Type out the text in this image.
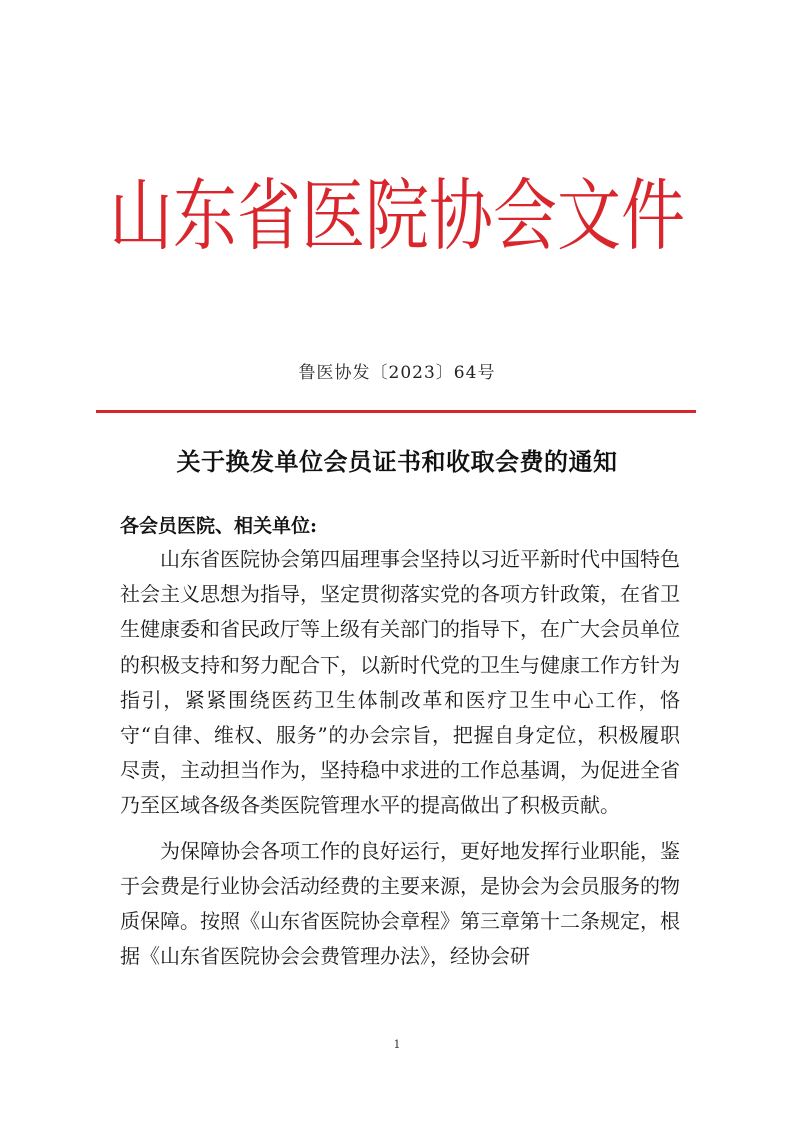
山东省医院协会文件
鲁医协发〔2023〕64号
关于换发单位会员证书和收取会费的通知
各会员医院、相关单位:

山东省医院协会第四届理事会坚持以习近平新时代中国特色社会主义思想为指导，坚定贯彻落实党的各项方针政策，在省卫生健康委和省民政厅等上级有关部门的指导下，在广大会员单位的积极支持和努力配合下，以新时代党的卫生与健康工作方针为指引，紧紧围绕医药卫生体制改革和医疗卫生中心工作，恪守“自律、维权、服务”的办会宗旨，把握自身定位，积极履职尽责，主动担当作为，坚持稳中求进的工作总基调，为促进全省乃至区域各级各类医院管理水平的提高做出了积极贡献。

为保障协会各项工作的良好运行，更好地发挥行业职能，鉴于会费是行业协会活动经费的主要来源，是协会为会员服务的物质保障。按照《山东省医院协会章程》第三章第十二条规定，根据《山东省医院协会会费管理办法》，经协会研

1
